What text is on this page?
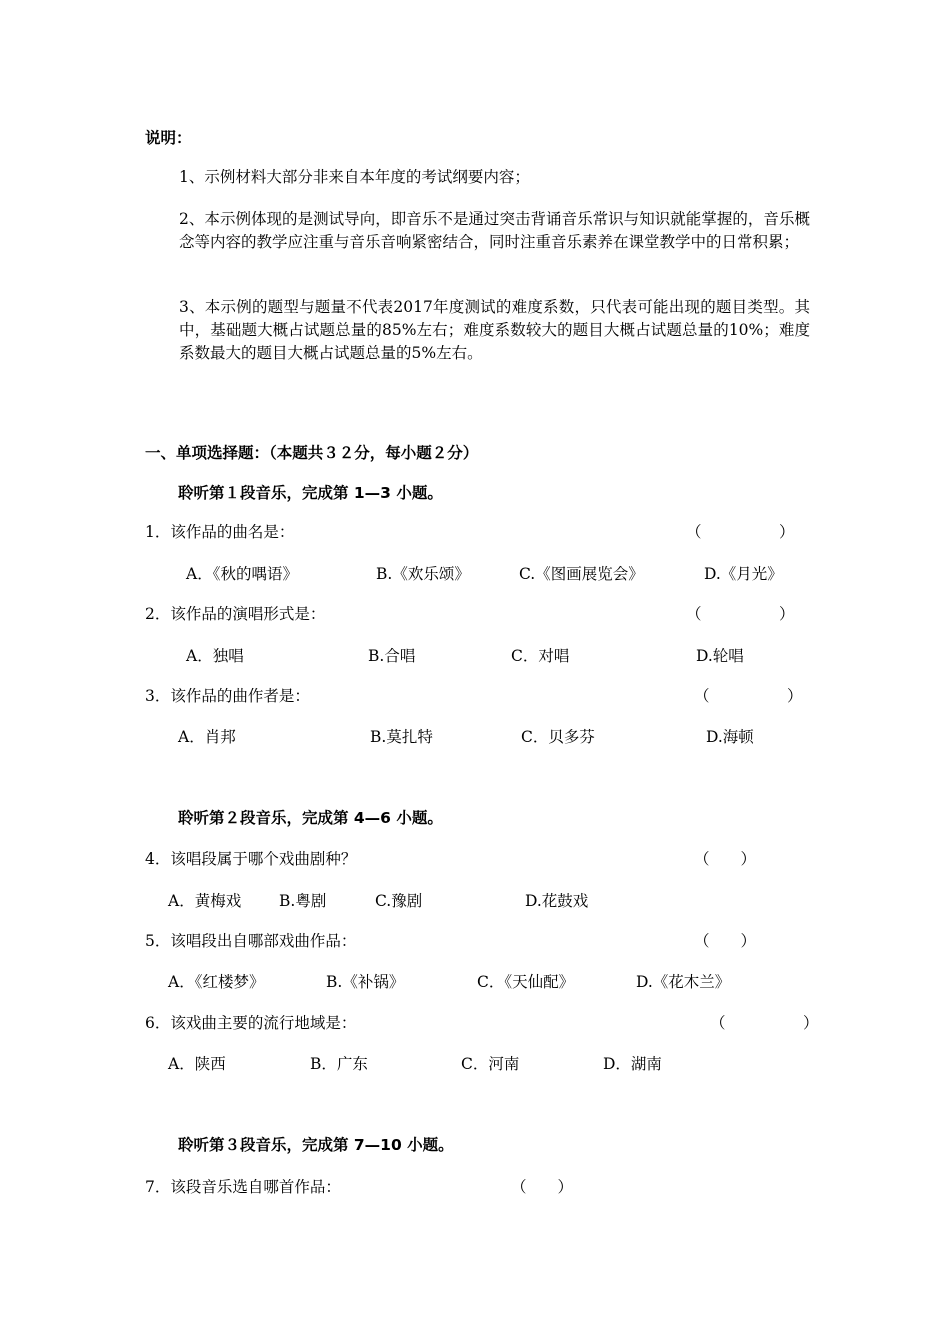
说明：
1、示例材料大部分非来自本年度的考试纲要内容；
2、本示例体现的是测试导向，即音乐不是通过突击背诵音乐常识与知识就能掌握的，音乐概念等内容的教学应注重与音乐音响紧密结合，同时注重音乐素养在课堂教学中的日常积累；
3、本示例的题型与题量不代表2017年度测试的难度系数，只代表可能出现的题目类型。其中，基础题大概占试题总量的85%左右；难度系数较大的题目大概占试题总量的10%；难度系数最大的题目大概占试题总量的5%左右。
一、单项选择题：（本题共３２分，每小题２分）
聆听第１段音乐，完成第 1—3 小题。
1．该作品的曲名是：	（　　　　　）
A．《秋的喁语》	B.《欢乐颂》	C.《图画展览会》	D.《月光》
2．该作品的演唱形式是：	（　　　　　）
A．独唱	B.合唱	C．对唱	D.轮唱
3．该作品的曲作者是：	（　　　　　）
A．肖邦	B.莫扎特	C．贝多芬	D.海顿
聆听第２段音乐，完成第 4—6 小题。
4．该唱段属于哪个戏曲剧种？	（　　）
A．黄梅戏 B.粤剧	C.豫剧	D.花鼓戏
5．该唱段出自哪部戏曲作品：	（　　）
A．《红楼梦》	B.《补锅》	C．《天仙配》	D.《花木兰》
6．该戏曲主要的流行地域是：	（　　　　　）
A．陕西	B．广东	C．河南	D．湖南
聆听第３段音乐，完成第 7—10 小题。
7．该段音乐选自哪首作品：	（　　）
